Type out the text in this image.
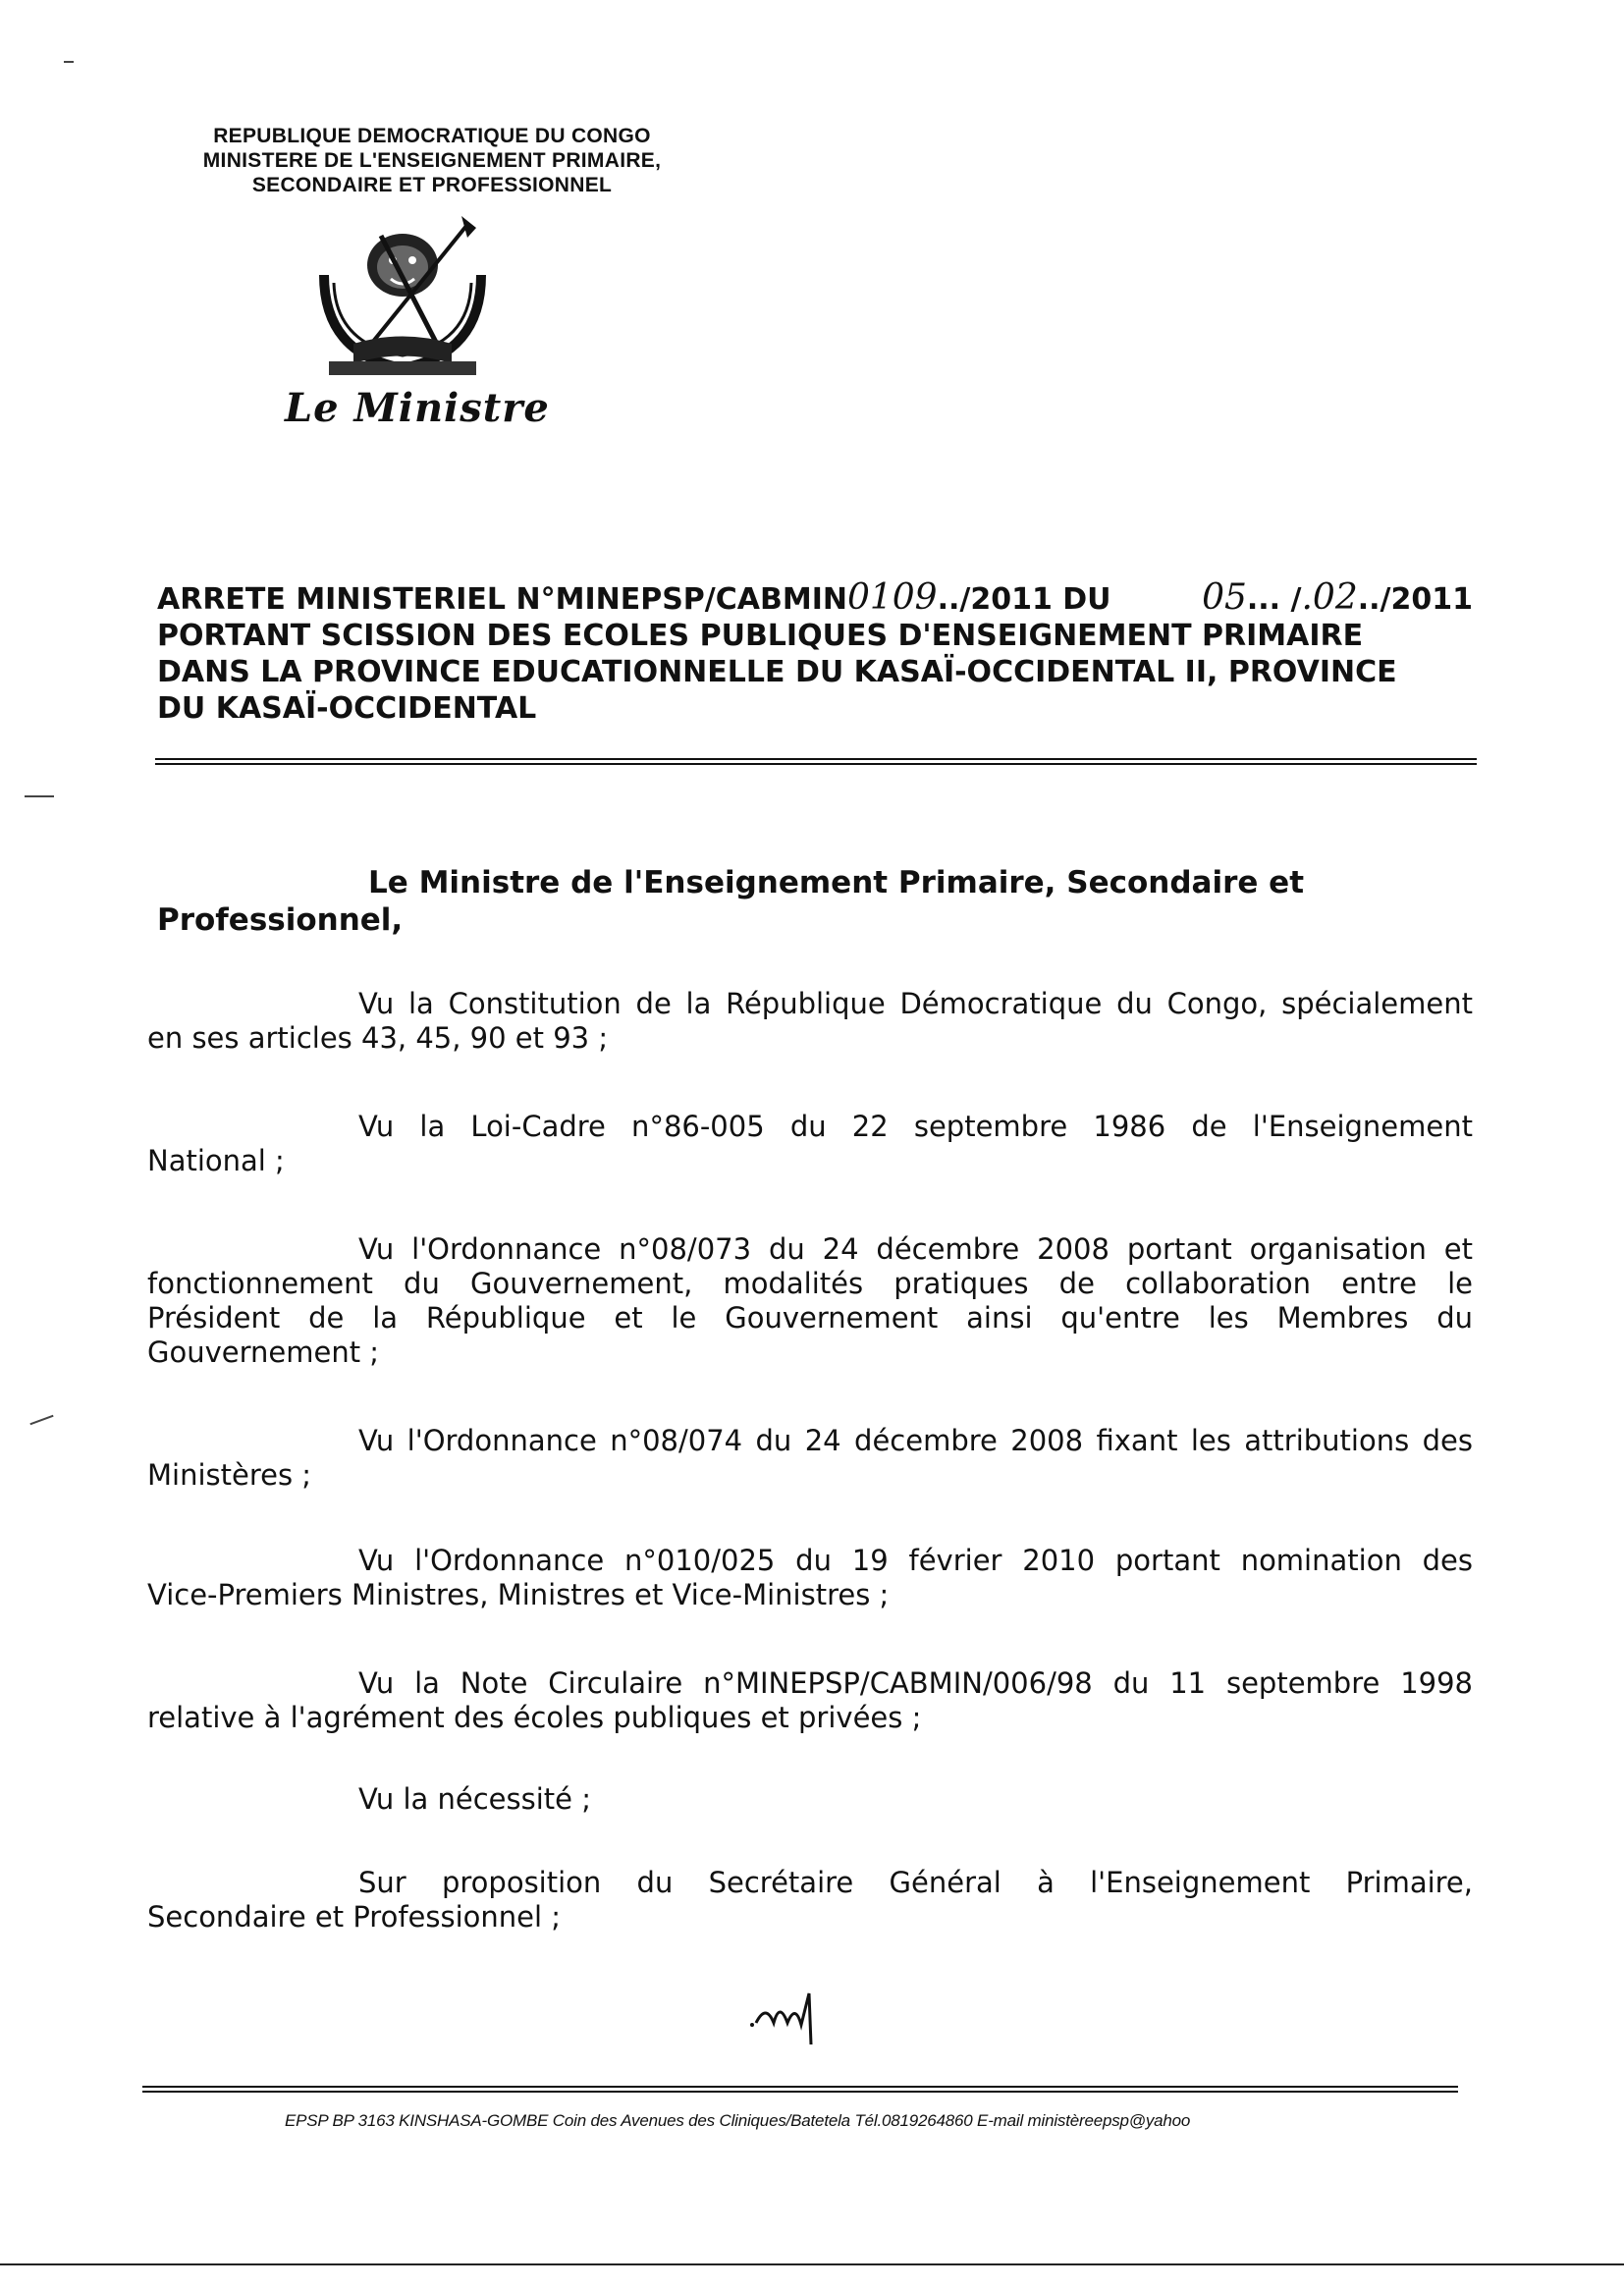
REPUBLIQUE DEMOCRATIQUE DU CONGO
MINISTERE DE L'ENSEIGNEMENT PRIMAIRE,
SECONDAIRE ET PROFESSIONNEL
Le Ministre
ARRETE MINISTERIEL N°MINEPSP/CABMIN0109../2011 DU	05... /.02../2011
PORTANT SCISSION DES ECOLES PUBLIQUES D'ENSEIGNEMENT PRIMAIRE
DANS LA PROVINCE EDUCATIONNELLE DU KASAÏ-OCCIDENTAL II, PROVINCE
DU KASAÏ-OCCIDENTAL
Le Ministre de l'Enseignement Primaire, Secondaire et
Professionnel,
Vu la Constitution de la République Démocratique du Congo, spécialement
en ses articles 43, 45, 90 et 93 ;
Vu la Loi-Cadre n°86-005 du 22 septembre 1986 de l'Enseignement
National ;
Vu l'Ordonnance n°08/073 du 24 décembre 2008 portant organisation et
fonctionnement du Gouvernement, modalités pratiques de collaboration entre le
Président de la République et le Gouvernement ainsi qu'entre les Membres du
Gouvernement ;
Vu l'Ordonnance n°08/074 du 24 décembre 2008 fixant les attributions des
Ministères ;
Vu l'Ordonnance n°010/025 du 19 février 2010 portant nomination des
Vice-Premiers Ministres, Ministres et Vice-Ministres ;
Vu la Note Circulaire n°MINEPSP/CABMIN/006/98 du 11 septembre 1998
relative à l'agrément des écoles publiques et privées ;
Vu la nécessité ;
Sur proposition du Secrétaire Général à l'Enseignement Primaire,
Secondaire et Professionnel ;
EPSP BP 3163 KINSHASA-GOMBE Coin des Avenues des Cliniques/Batetela Tél.0819264860 E-mail ministèreepsp@yahoo
